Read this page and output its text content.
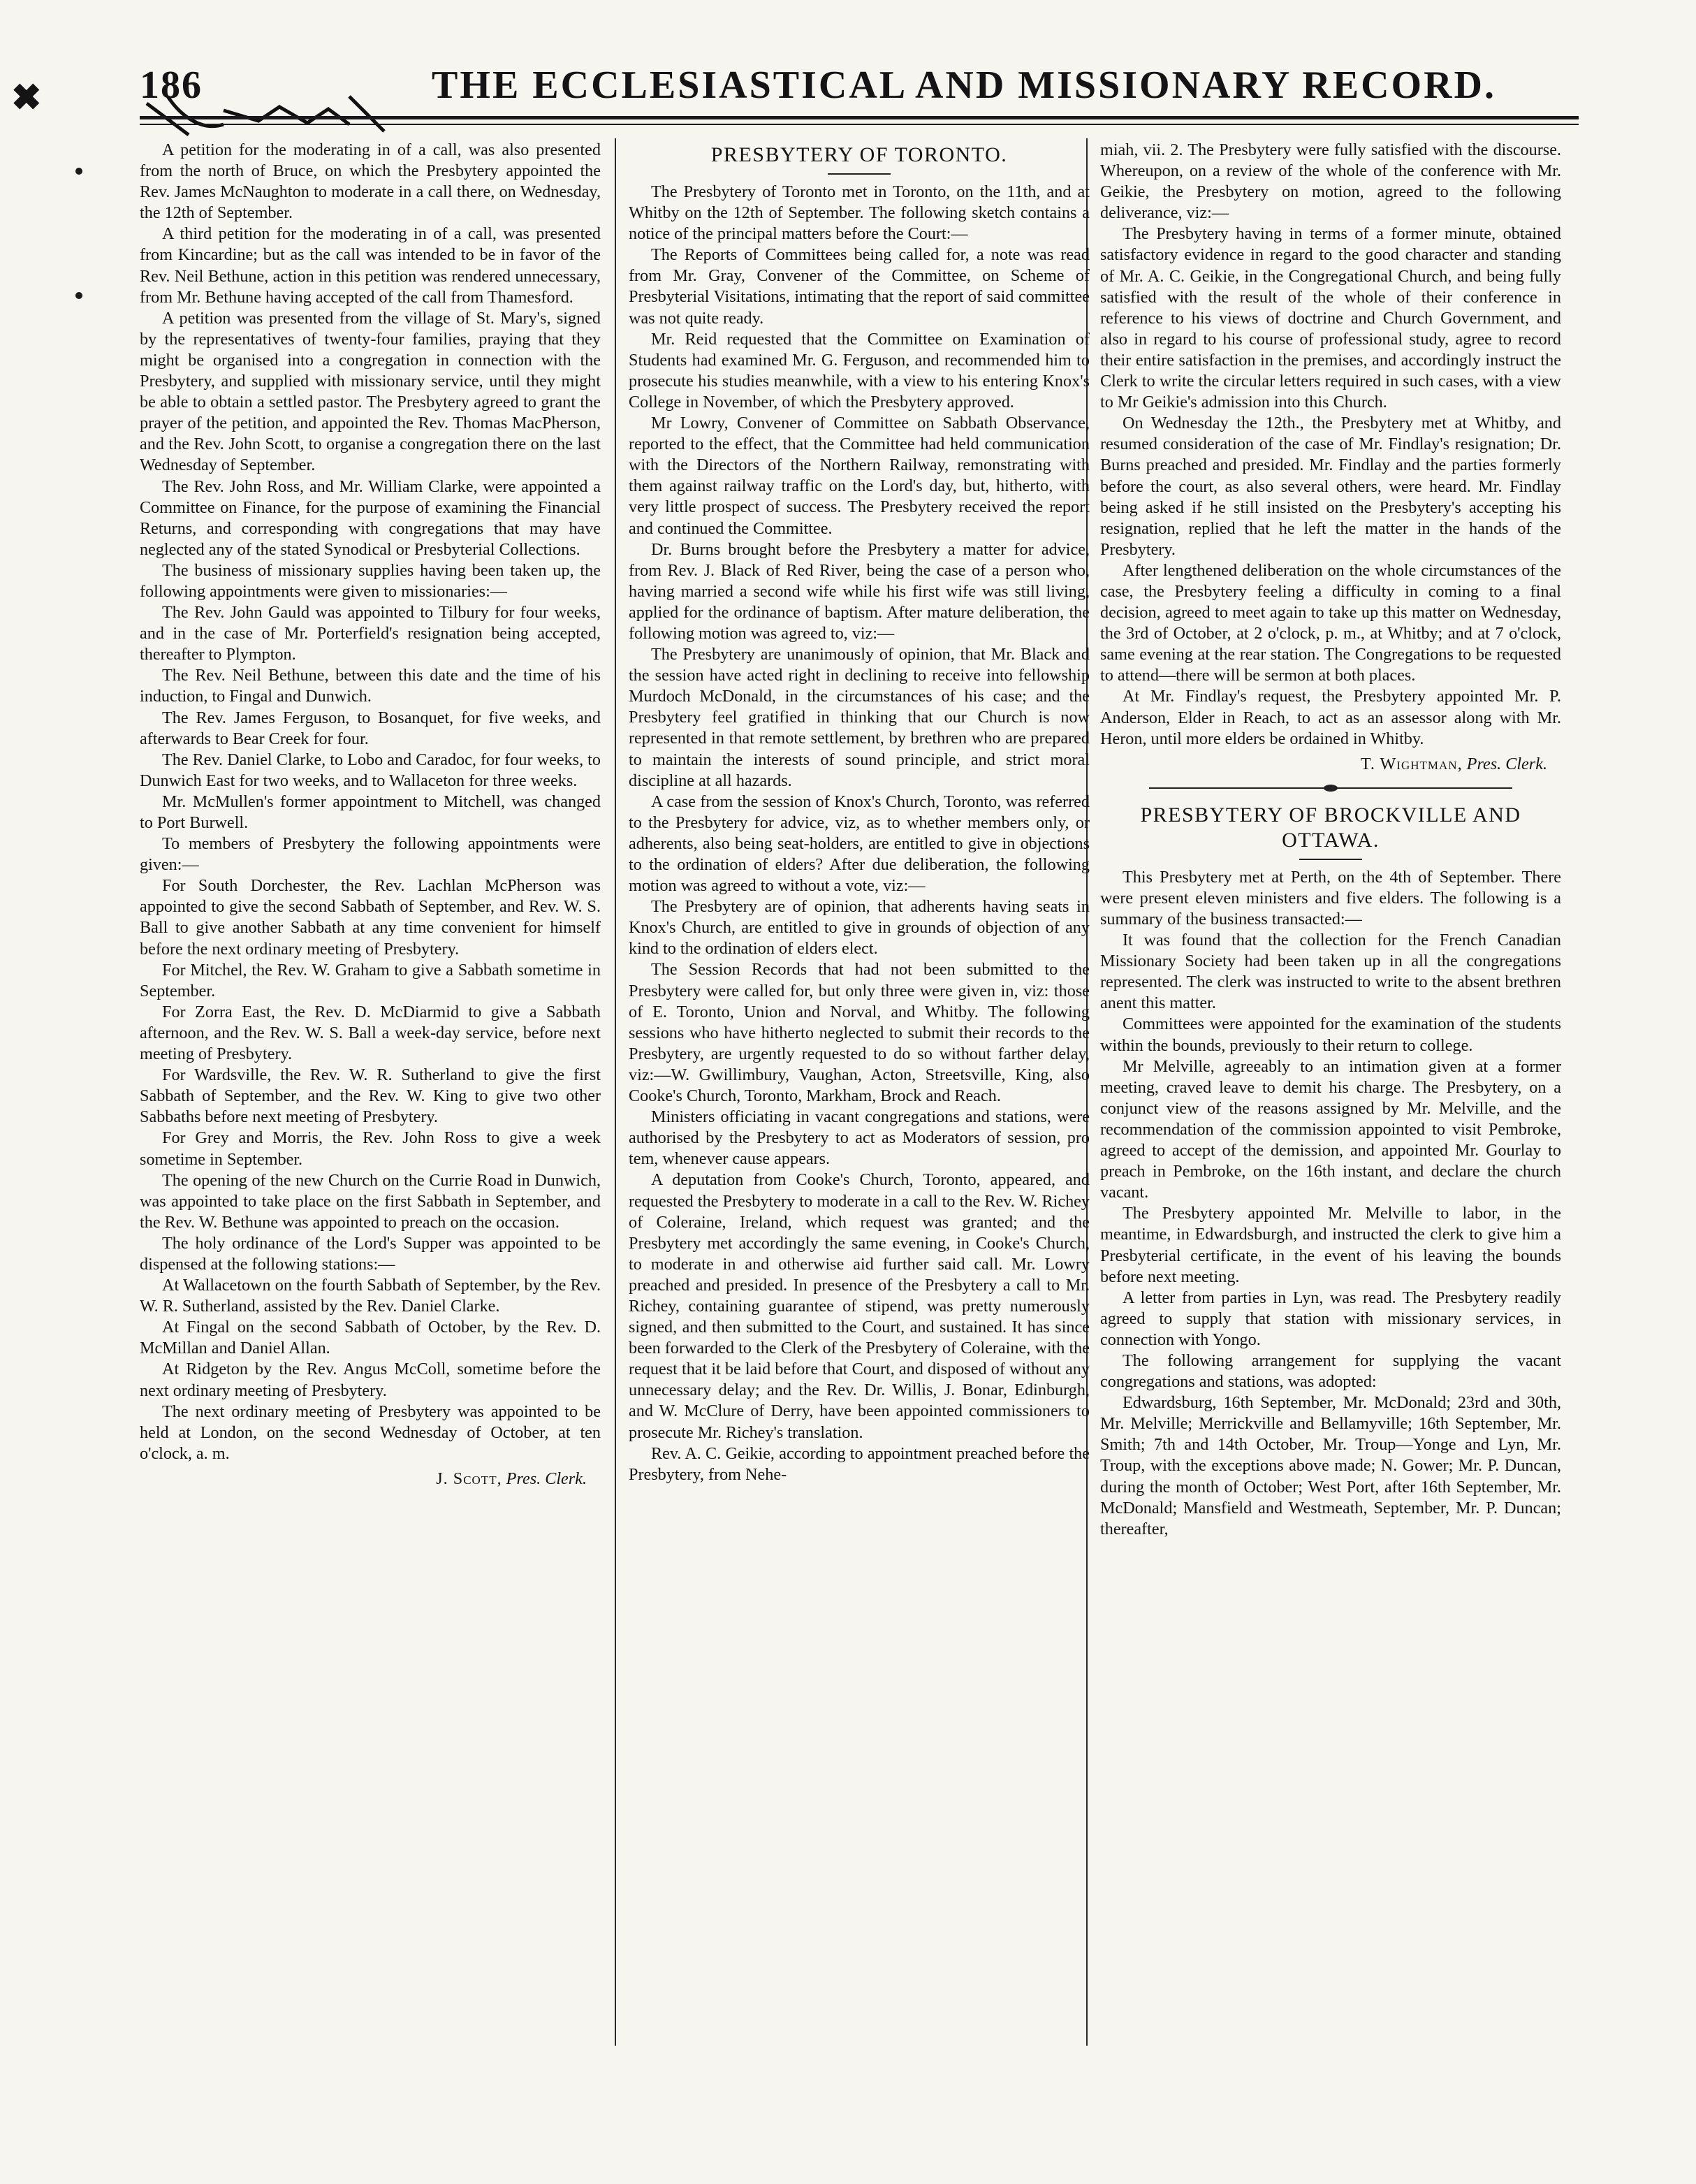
186	THE ECCLESIASTICAL AND MISSIONARY RECORD.
✖

A petition for the moderating in of a call, was also presented from the north of Bruce, on which the Presbytery appointed the Rev. James McNaughton to moderate in a call there, on Wednesday, the 12th of September.

A third petition for the moderating in of a call, was presented from Kincardine; but as the call was intended to be in favor of the Rev. Neil Bethune, action in this petition was rendered unnecessary, from Mr. Bethune having accepted of the call from Thamesford.

A petition was presented from the village of St. Mary's, signed by the representatives of twenty-four families, praying that they might be organised into a congregation in connection with the Presbytery, and supplied with missionary service, until they might be able to obtain a settled pastor. The Presbytery agreed to grant the prayer of the petition, and appointed the Rev. Thomas MacPherson, and the Rev. John Scott, to organise a congregation there on the last Wednesday of September.

The Rev. John Ross, and Mr. William Clarke, were appointed a Committee on Finance, for the purpose of examining the Financial Returns, and corresponding with congregations that may have neglected any of the stated Synodical or Presbyterial Collections.

The business of missionary supplies having been taken up, the following appointments were given to missionaries:—

The Rev. John Gauld was appointed to Tilbury for four weeks, and in the case of Mr. Porterfield's resignation being accepted, thereafter to Plympton.

The Rev. Neil Bethune, between this date and the time of his induction, to Fingal and Dunwich.

The Rev. James Ferguson, to Bosanquet, for five weeks, and afterwards to Bear Creek for four.

The Rev. Daniel Clarke, to Lobo and Caradoc, for four weeks, to Dunwich East for two weeks, and to Wallaceton for three weeks.

Mr. McMullen's former appointment to Mitchell, was changed to Port Burwell.

To members of Presbytery the following appointments were given:—

For South Dorchester, the Rev. Lachlan McPherson was appointed to give the second Sabbath of September, and Rev. W. S. Ball to give another Sabbath at any time convenient for himself before the next ordinary meeting of Presbytery.

For Mitchel, the Rev. W. Graham to give a Sabbath sometime in September.

For Zorra East, the Rev. D. McDiarmid to give a Sabbath afternoon, and the Rev. W. S. Ball a week-day service, before next meeting of Presbytery.

For Wardsville, the Rev. W. R. Sutherland to give the first Sabbath of September, and the Rev. W. King to give two other Sabbaths before next meeting of Presbytery.

For Grey and Morris, the Rev. John Ross to give a week sometime in September.

The opening of the new Church on the Currie Road in Dunwich, was appointed to take place on the first Sabbath in September, and the Rev. W. Bethune was appointed to preach on the occasion.

The holy ordinance of the Lord's Supper was appointed to be dispensed at the following stations:—

At Wallacetown on the fourth Sabbath of September, by the Rev. W. R. Sutherland, assisted by the Rev. Daniel Clarke.

At Fingal on the second Sabbath of October, by the Rev. D. McMillan and Daniel Allan.

At Ridgeton by the Rev. Angus McColl, sometime before the next ordinary meeting of Presbytery.

The next ordinary meeting of Presbytery was appointed to be held at London, on the second Wednesday of October, at ten o'clock, a. m.

J. Scott, Pres. Clerk.
PRESBYTERY OF TORONTO.

The Presbytery of Toronto met in Toronto, on the 11th, and at Whitby on the 12th of September. The following sketch contains a notice of the principal matters before the Court:—

The Reports of Committees being called for, a note was read from Mr. Gray, Convener of the Committee, on Scheme of Presbyterial Visitations, intimating that the report of said committee was not quite ready.

Mr. Reid requested that the Committee on Examination of Students had examined Mr. G. Ferguson, and recommended him to prosecute his studies meanwhile, with a view to his entering Knox's College in November, of which the Presbytery approved.

Mr Lowry, Convener of Committee on Sabbath Observance, reported to the effect, that the Committee had held communication with the Directors of the Northern Railway, remonstrating with them against railway traffic on the Lord's day, but, hitherto, with very little prospect of success. The Presbytery received the report and continued the Committee.

Dr. Burns brought before the Presbytery a matter for advice, from Rev. J. Black of Red River, being the case of a person who, having married a second wife while his first wife was still living, applied for the ordinance of baptism. After mature deliberation, the following motion was agreed to, viz:—

The Presbytery are unanimously of opinion, that Mr. Black and the session have acted right in declining to receive into fellowship Murdoch McDonald, in the circumstances of his case; and the Presbytery feel gratified in thinking that our Church is now represented in that remote settlement, by brethren who are prepared to maintain the interests of sound principle, and strict moral discipline at all hazards.

A case from the session of Knox's Church, Toronto, was referred to the Presbytery for advice, viz, as to whether members only, or adherents, also being seat-holders, are entitled to give in objections to the ordination of elders? After due deliberation, the following motion was agreed to without a vote, viz:—

The Presbytery are of opinion, that adherents having seats in Knox's Church, are entitled to give in grounds of objection of any kind to the ordination of elders elect.

The Session Records that had not been submitted to the Presbytery were called for, but only three were given in, viz: those of E. Toronto, Union and Norval, and Whitby. The following sessions who have hitherto neglected to submit their records to the Presbytery, are urgently requested to do so without farther delay, viz:—W. Gwillimbury, Vaughan, Acton, Streetsville, King, also Cooke's Church, Toronto, Markham, Brock and Reach.

Ministers officiating in vacant congregations and stations, were authorised by the Presbytery to act as Moderators of session, pro tem, whenever cause appears.

A deputation from Cooke's Church, Toronto, appeared, and requested the Presbytery to moderate in a call to the Rev. W. Richey of Coleraine, Ireland, which request was granted; and the Presbytery met accordingly the same evening, in Cooke's Church, to moderate in and otherwise aid further said call. Mr. Lowry preached and presided. In presence of the Presbytery a call to Mr. Richey, containing guarantee of stipend, was pretty numerously signed, and then submitted to the Court, and sustained. It has since been forwarded to the Clerk of the Presbytery of Coleraine, with the request that it be laid before that Court, and disposed of without any unnecessary delay; and the Rev. Dr. Willis, J. Bonar, Edinburgh, and W. McClure of Derry, have been appointed commissioners to prosecute Mr. Richey's translation.

Rev. A. C. Geikie, according to appointment preached before the Presbytery, from Nehe-

miah, vii. 2. The Presbytery were fully satisfied with the discourse. Whereupon, on a review of the whole of the conference with Mr. Geikie, the Presbytery on motion, agreed to the following deliverance, viz:—

The Presbytery having in terms of a former minute, obtained satisfactory evidence in regard to the good character and standing of Mr. A. C. Geikie, in the Congregational Church, and being fully satisfied with the result of the whole of their conference in reference to his views of doctrine and Church Government, and also in regard to his course of professional study, agree to record their entire satisfaction in the premises, and accordingly instruct the Clerk to write the circular letters required in such cases, with a view to Mr Geikie's admission into this Church.

On Wednesday the 12th., the Presbytery met at Whitby, and resumed consideration of the case of Mr. Findlay's resignation; Dr. Burns preached and presided. Mr. Findlay and the parties formerly before the court, as also several others, were heard. Mr. Findlay being asked if he still insisted on the Presbytery's accepting his resignation, replied that he left the matter in the hands of the Presbytery.

After lengthened deliberation on the whole circumstances of the case, the Presbytery feeling a difficulty in coming to a final decision, agreed to meet again to take up this matter on Wednesday, the 3rd of October, at 2 o'clock, p. m., at Whitby; and at 7 o'clock, same evening at the rear station. The Congregations to be requested to attend—there will be sermon at both places.

At Mr. Findlay's request, the Presbytery appointed Mr. P. Anderson, Elder in Reach, to act as an assessor along with Mr. Heron, until more elders be ordained in Whitby.

T. Wightman, Pres. Clerk.
PRESBYTERY OF BROCKVILLE AND OTTAWA.

This Presbytery met at Perth, on the 4th of September. There were present eleven ministers and five elders. The following is a summary of the business transacted:—

It was found that the collection for the French Canadian Missionary Society had been taken up in all the congregations represented. The clerk was instructed to write to the absent brethren anent this matter.

Committees were appointed for the examination of the students within the bounds, previously to their return to college.

Mr Melville, agreeably to an intimation given at a former meeting, craved leave to demit his charge. The Presbytery, on a conjunct view of the reasons assigned by Mr. Melville, and the recommendation of the commission appointed to visit Pembroke, agreed to accept of the demission, and appointed Mr. Gourlay to preach in Pembroke, on the 16th instant, and declare the church vacant.

The Presbytery appointed Mr. Melville to labor, in the meantime, in Edwardsburgh, and instructed the clerk to give him a Presbyterial certificate, in the event of his leaving the bounds before next meeting.

A letter from parties in Lyn, was read. The Presbytery readily agreed to supply that station with missionary services, in connection with Yongo.

The following arrangement for supplying the vacant congregations and stations, was adopted:

Edwardsburg, 16th September, Mr. McDonald; 23rd and 30th, Mr. Melville; Merrickville and Bellamyville; 16th September, Mr. Smith; 7th and 14th October, Mr. Troup—Yonge and Lyn, Mr. Troup, with the exceptions above made; N. Gower; Mr. P. Duncan, during the month of October; West Port, after 16th September, Mr. McDonald; Mansfield and Westmeath, September, Mr. P. Duncan; thereafter,
